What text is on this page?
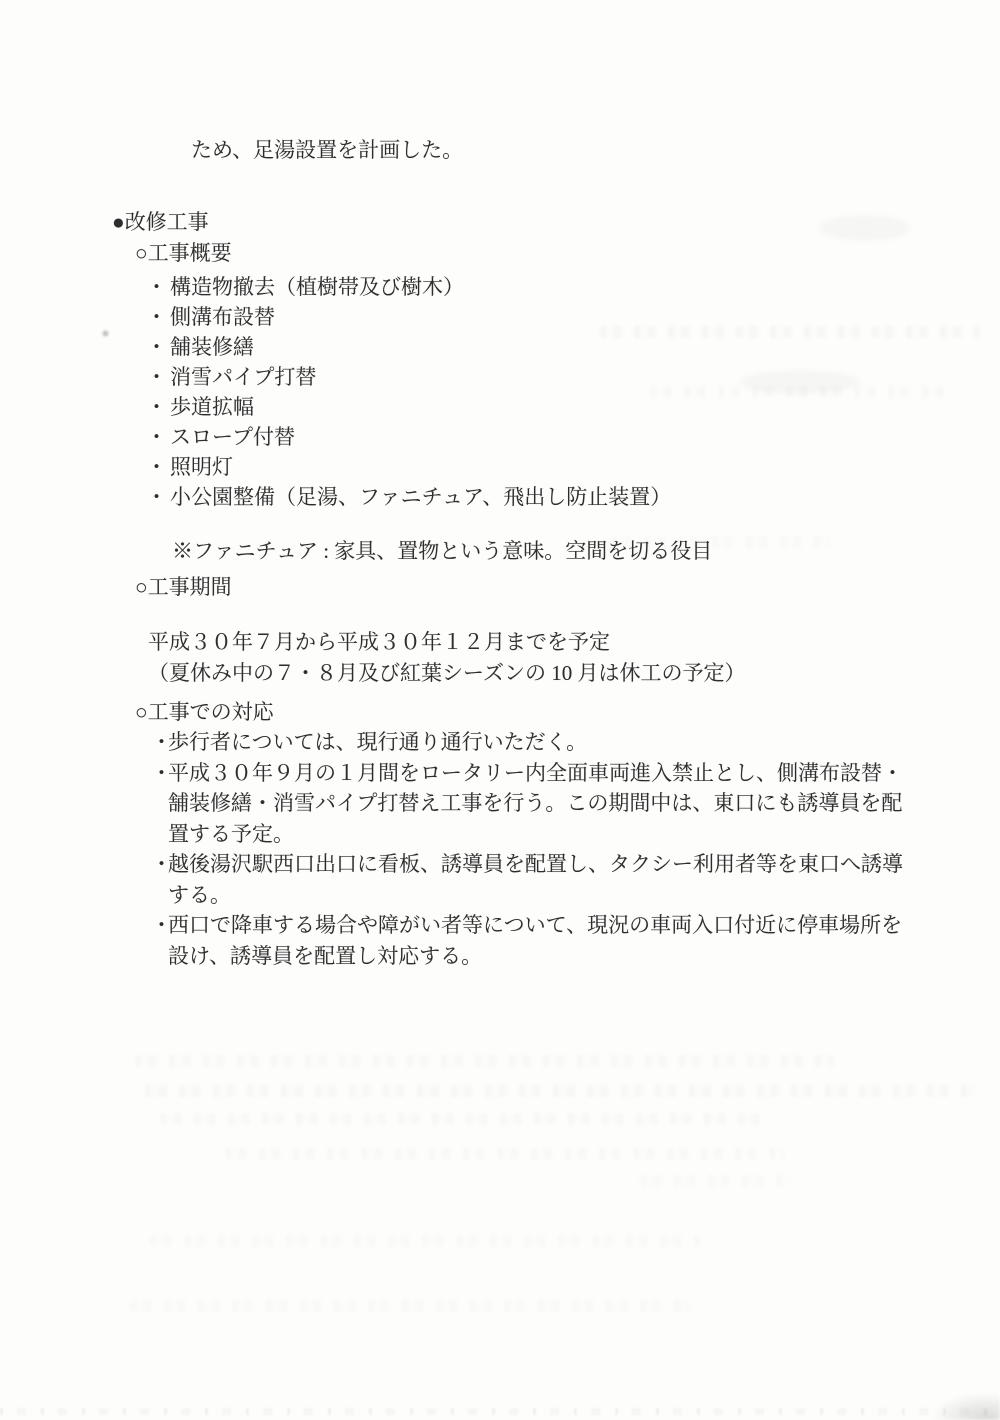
ため、足湯設置を計画した。

●改修工事
○工事概要
・ 構造物撤去（植樹帯及び樹木）
・ 側溝布設替
・ 舗装修繕
・ 消雪パイプ打替
・ 歩道拡幅
・ スロープ付替
・ 照明灯
・ 小公園整備（足湯、ファニチュア、飛出し防止装置）

※ファニチュア : 家具、置物という意味。空間を切る役目

○工事期間

平成３０年７月から平成３０年１２月までを予定

（夏休み中の７・８月及び紅葉シーズンの 10 月は休工の予定）

○工事での対応
・
歩行者については、現行通り通行いただく。
・
平成３０年９月の１月間をロータリー内全面車両進入禁止とし、側溝布設替・
舗装修繕・消雪パイプ打替え工事を行う。この期間中は、東口にも誘導員を配
置する予定。
・
越後湯沢駅西口出口に看板、誘導員を配置し、タクシー利用者等を東口へ誘導
する。
・
西口で降車する場合や障がい者等について、現況の車両入口付近に停車場所を
設け、誘導員を配置し対応する。
